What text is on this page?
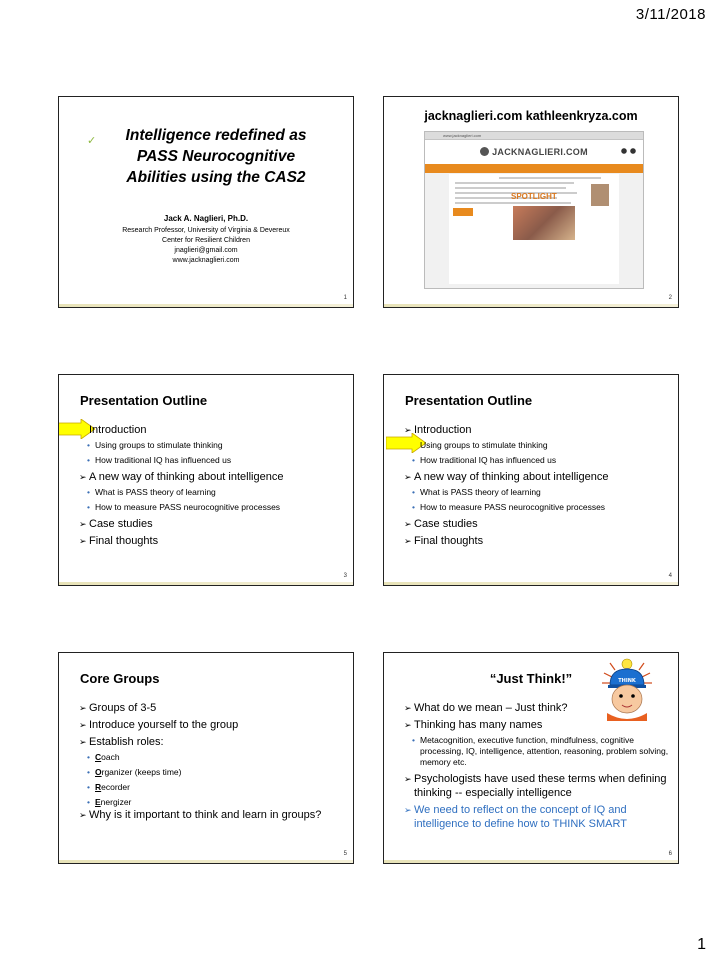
3/11/2018
✓	Intelligence redefined as
PASS Neurocognitive
Abilities using the CAS2
Jack A. Naglieri, Ph.D.
Research Professor, University of Virginia & Devereux
Center for Resilient Children
jnaglieri@gmail.com
www.jacknaglieri.com
1
jacknaglieri.com kathleenkryza.com
www.jacknaglieri.com
JACKNAGLIERI.COM
SPOTLIGHT
2
Presentation Outline
Introduction
• Using groups to stimulate thinking
• How traditional IQ has influenced us
➢ A new way of thinking about intelligence
• What is PASS theory of learning
• How to measure PASS neurocognitive processes
➢ Case studies
➢ Final thoughts
3
Presentation Outline
➢ Introduction
Using groups to stimulate thinking
• How traditional IQ has influenced us
➢ A new way of thinking about intelligence
• What is PASS theory of learning
• How to measure PASS neurocognitive processes
➢ Case studies
➢ Final thoughts
4
Core Groups
➢ Groups of 3-5
➢ Introduce yourself to the group
➢ Establish roles:
• Coach
• Organizer (keeps time)
• Recorder
• Energizer
➢ Why is it important to think and learn in groups?
5
“Just Think!”	THINK
➢ What do we mean – Just think?
➢ Thinking has many names
• Metacognition, executive function, mindfulness, cognitive processing, IQ, intelligence, attention, reasoning, problem solving, memory etc.
➢ Psychologists have used these terms when defining thinking -- especially intelligence
➢ We need to reflect on the concept of IQ and intelligence to define how to THINK SMART
6
1
